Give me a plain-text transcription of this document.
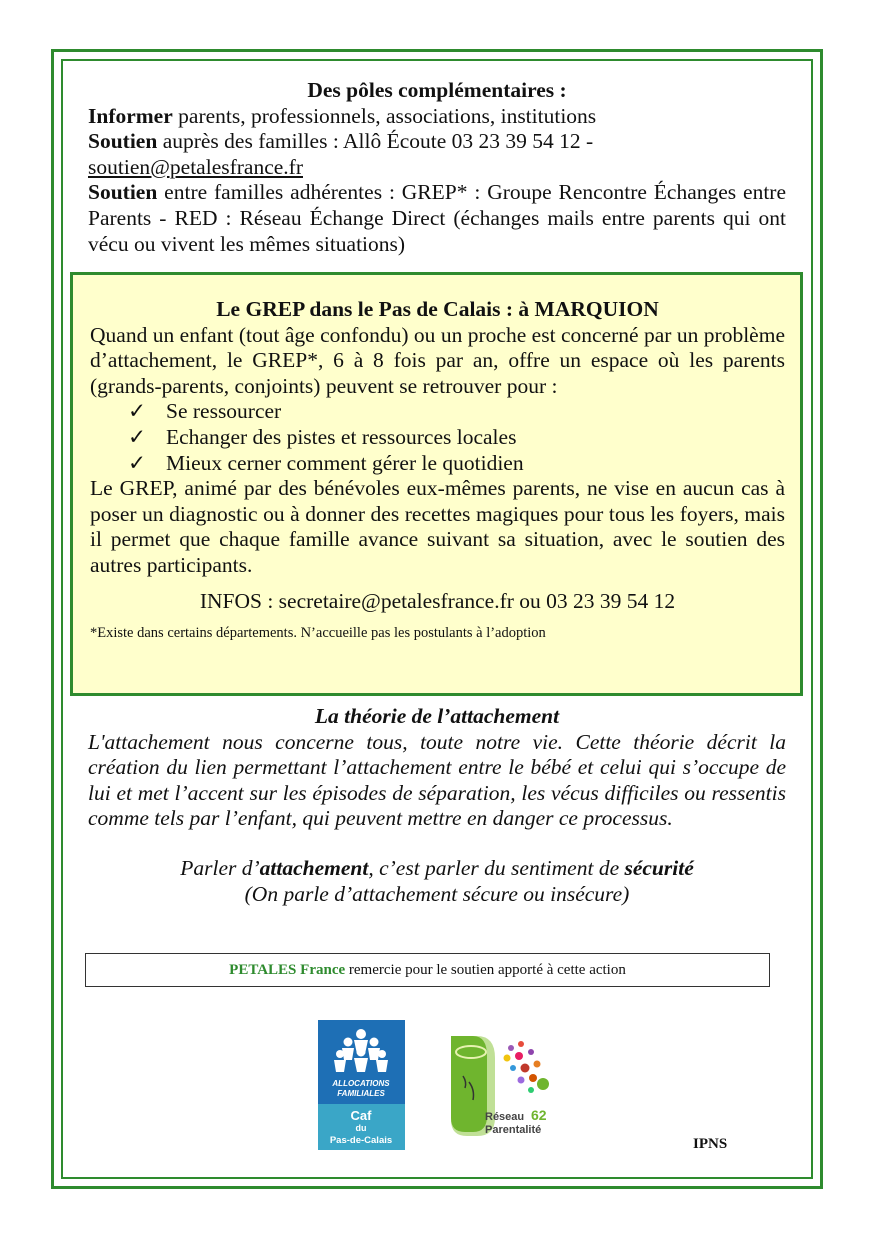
Des pôles complémentaires :

Informer parents, professionnels, associations, institutions

Soutien auprès des familles : Allô Écoute 03 23 39 54 12 -

soutien@petalesfrance.fr

Soutien entre familles adhérentes : GREP* : Groupe Rencontre Échanges entre Parents - RED : Réseau Échange Direct (échanges mails entre parents qui ont vécu ou vivent les mêmes situations)

Le GREP dans le Pas de Calais : à MARQUION

Quand un enfant (tout âge confondu) ou un proche est concerné par un problème d’attachement, le GREP*, 6 à 8 fois par an, offre un espace où les parents (grands-parents, conjoints) peuvent se retrouver pour :

✓ Se ressourcer
✓ Echanger des pistes et ressources locales
✓ Mieux cerner comment gérer le quotidien

Le GREP, animé par des bénévoles eux-mêmes parents, ne vise en aucun cas à poser un diagnostic ou à donner des recettes magiques pour tous les foyers, mais il permet que chaque famille avance suivant sa situation, avec le soutien des autres participants.

INFOS : secretaire@petalesfrance.fr ou 03 23 39 54 12
*Existe dans certains départements. N’accueille pas les postulants à l’adoption
La théorie de l’attachement

L'attachement nous concerne tous, toute notre vie. Cette théorie décrit la création du lien permettant l’attachement entre le bébé et celui qui s’occupe de lui et met l’accent sur les épisodes de séparation, les vécus difficiles ou ressentis comme tels par l’enfant, qui peuvent mettre en danger ce processus.

Parler d’attachement, c’est parler du sentiment de sécurité

(On parle d’attachement sécure ou insécure)

PETALES France remercie pour le soutien apporté à cette action
ALLOCATIONS
FAMILIALES
Caf
du
Pas-de-Calais
Réseau 62
Parentalité
IPNS
